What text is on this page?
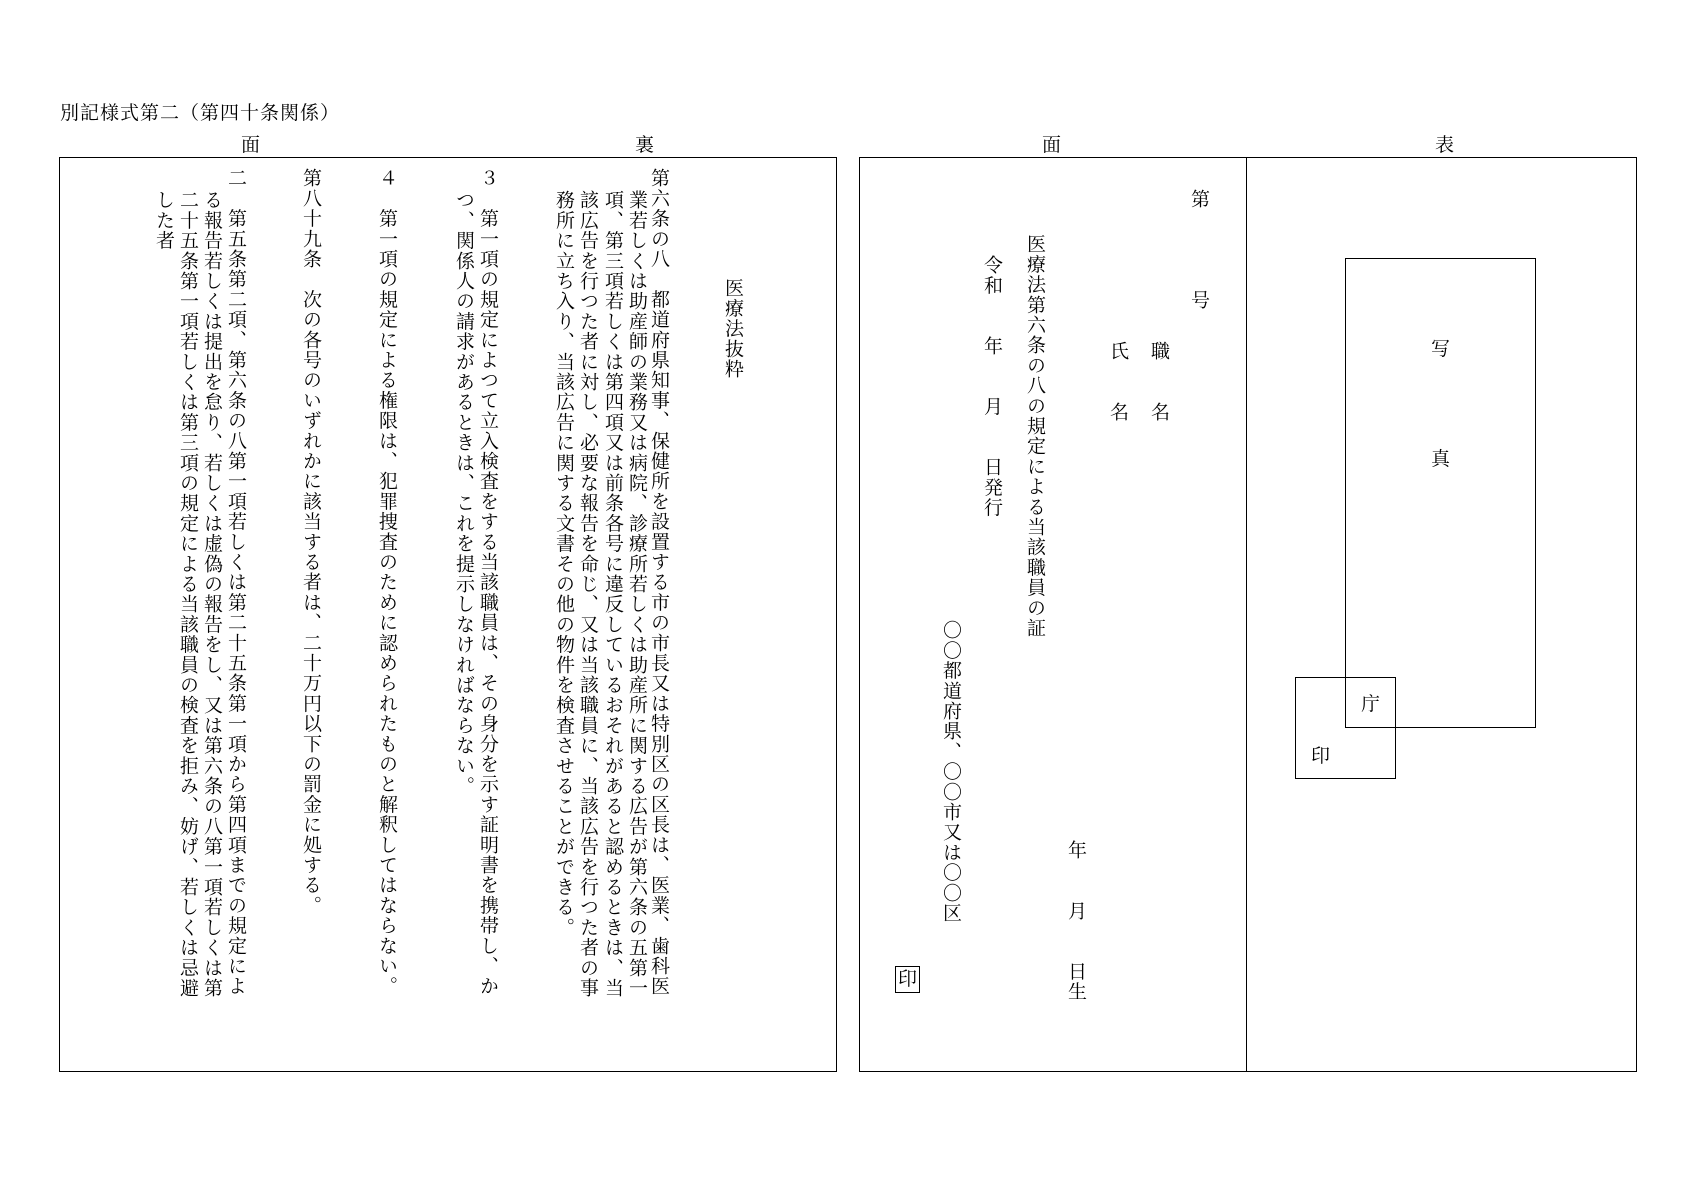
別記様式第二（第四十条関係）
面	裏	面	表
医療法抜粋
第六条の八　都道府県知事、保健所を設置する市の市長又は特別区の区長は、医業、歯科医
業若しくは助産師の業務又は病院、診療所若しくは助産所に関する広告が第六条の五第一
項、第三項若しくは第四項又は前条各号に違反しているおそれがあると認めるときは、当
該広告を行つた者に対し、必要な報告を命じ、又は当該職員に、当該広告を行つた者の事
務所に立ち入り、当該広告に関する文書その他の物件を検査させることができる。
３　第一項の規定によつて立入検査をする当該職員は、その身分を示す証明書を携帯し、か
つ、関係人の請求があるときは、これを提示しなければならない。
４　第一項の規定による権限は、犯罪捜査のために認められたものと解釈してはならない。
第八十九条　次の各号のいずれかに該当する者は、二十万円以下の罰金に処する。
二　第五条第二項、第六条の八第一項若しくは第二十五条第一項から第四項までの規定によ
る報告若しくは提出を怠り、若しくは虚偽の報告をし、又は第六条の八第一項若しくは第
二十五条第一項若しくは第三項の規定による当該職員の検査を拒み、妨げ、若しくは忌避
した者	第　　　　号
職　　名
氏　　名
年　　月　　日生
医療法第六条の八の規定による当該職員の証
令和　　年　　月　　日発行
〇〇都道府県、〇〇市又は〇〇区
印
写
真
庁
印
